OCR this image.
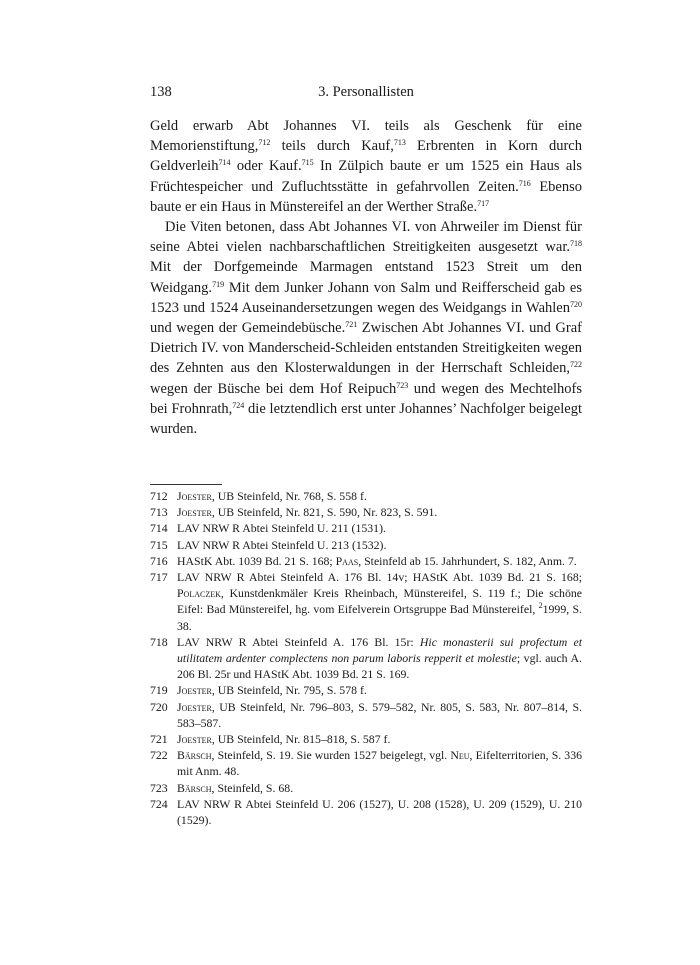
138	3. Personallisten

Geld erwarb Abt Johannes VI. teils als Geschenk für eine Memorienstiftung,$^{712}$ teils durch Kauf,$^{713}$ Erbrenten in Korn durch Geldverleih$^{714}$ oder Kauf.$^{715}$ In Zülpich baute er um 1525 ein Haus als Früchtespeicher und Zufluchtsstätte in gefahrvollen Zeiten.$^{716}$ Ebenso baute er ein Haus in Münstereifel an der Werther Straße.$^{717}$

Die Viten betonen, dass Abt Johannes VI. von Ahrweiler im Dienst für seine Abtei vielen nachbarschaftlichen Streitigkeiten ausgesetzt war.$^{718}$ Mit der Dorfgemeinde Marmagen entstand 1523 Streit um den Weidgang.$^{719}$ Mit dem Junker Johann von Salm und Reifferscheid gab es 1523 und 1524 Auseinandersetzungen wegen des Weidgangs in Wahlen$^{720}$ und wegen der Gemeindebüsche.$^{721}$ Zwischen Abt Johannes VI. und Graf Dietrich IV. von Manderscheid-Schleiden entstanden Streitigkeiten wegen des Zehnten aus den Klosterwaldungen in der Herrschaft Schleiden,$^{722}$ wegen der Büsche bei dem Hof Reipuch$^{723}$ und wegen des Mechtelhofs bei Frohnrath,$^{724}$ die letztendlich erst unter Johannes’ Nachfolger beigelegt wurden.

712 Joester, UB Steinfeld, Nr. 768, S. 558 f.
713 Joester, UB Steinfeld, Nr. 821, S. 590, Nr. 823, S. 591.
714 LAV NRW R Abtei Steinfeld U. 211 (1531).
715 LAV NRW R Abtei Steinfeld U. 213 (1532).
716 HAStK Abt. 1039 Bd. 21 S. 168; Paas, Steinfeld ab 15. Jahrhundert, S. 182, Anm. 7.
717 LAV NRW R Abtei Steinfeld A. 176 Bl. 14v; HAStK Abt. 1039 Bd. 21 S. 168; Polaczek, Kunstdenkmäler Kreis Rheinbach, Münstereifel, S. 119 f.; Die schöne Eifel: Bad Münstereifel, hg. vom Eifelverein Ortsgruppe Bad Münstereifel, $^2$1999, S. 38.
718 LAV NRW R Abtei Steinfeld A. 176 Bl. 15r: Hic monasterii sui profectum et utilitatem ardenter complectens non parum laboris repperit et molestie; vgl. auch A. 206 Bl. 25r und HAStK Abt. 1039 Bd. 21 S. 169.
719 Joester, UB Steinfeld, Nr. 795, S. 578 f.
720 Joester, UB Steinfeld, Nr. 796–803, S. 579–582, Nr. 805, S. 583, Nr. 807–814, S. 583–587.
721 Joester, UB Steinfeld, Nr. 815–818, S. 587 f.
722 Bärsch, Steinfeld, S. 19. Sie wurden 1527 beigelegt, vgl. Neu, Eifelterritorien, S. 336 mit Anm. 48.
723 Bärsch, Steinfeld, S. 68.
724 LAV NRW R Abtei Steinfeld U. 206 (1527), U. 208 (1528), U. 209 (1529), U. 210 (1529).
